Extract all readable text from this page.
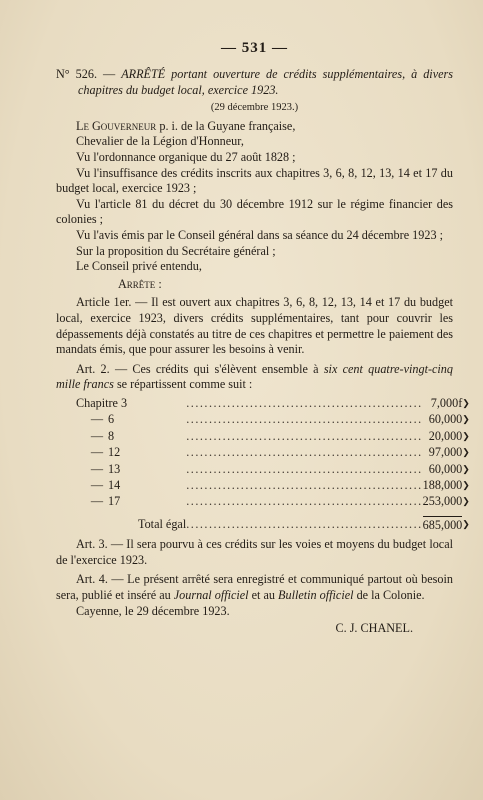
— 531 —

N° 526. — ARRÊTÉ portant ouverture de crédits supplémentaires, à divers chapitres du budget local, exercice 1923.

(29 décembre 1923.)

Le Gouverneur p. i. de la Guyane française,

Chevalier de la Légion d'Honneur,

Vu l'ordonnance organique du 27 août 1828 ;

Vu l'insuffisance des crédits inscrits aux chapitres 3, 6, 8, 12, 13, 14 et 17 du budget local, exercice 1923 ;

Vu l'article 81 du décret du 30 décembre 1912 sur le régime financier des colonies ;

Vu l'avis émis par le Conseil général dans sa séance du 24 décembre 1923 ;

Sur la proposition du Secrétaire général ;

Le Conseil privé entendu,

Arrête :

Article 1er. — Il est ouvert aux chapitres 3, 6, 8, 12, 13, 14 et 17 du budget local, exercice 1923, divers crédits supplémentaires, tant pour couvrir les dépassements déjà constatés au titre de ces chapitres et permettre le paiement des mandats émis, que pour assurer les besoins à venir.

Art. 2. — Ces crédits qui s'élèvent ensemble à six cent quatre-vingt-cinq mille francs se répartissent comme suit :

Chapitre 3	....................................................	7,000f	❯
— 6	....................................................	60,000	❯
— 8	....................................................	20,000	❯
— 12	....................................................	97,000	❯
— 13	....................................................	60,000	❯
— 14	....................................................	188,000	❯
— 17	....................................................	253,000	❯

Total égal	....................................................	685,000	❯

Art. 3. — Il sera pourvu à ces crédits sur les voies et moyens du budget local de l'exercice 1923.

Art. 4. — Le présent arrêté sera enregistré et communiqué partout où besoin sera, publié et inséré au Journal officiel et au Bulletin officiel de la Colonie.

Cayenne, le 29 décembre 1923.

C. J. CHANEL.
